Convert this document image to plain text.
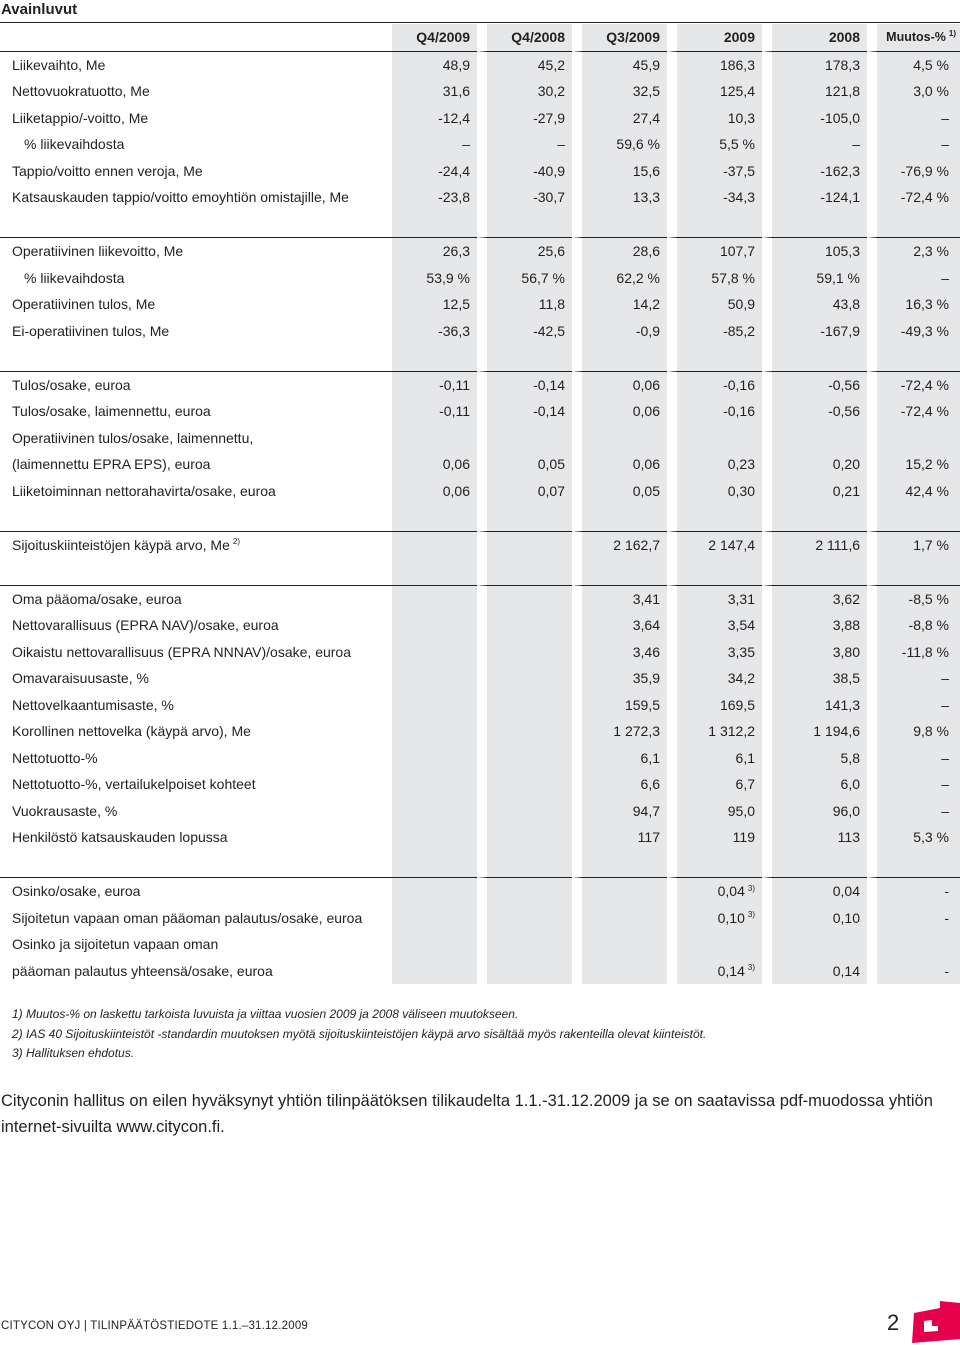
Avainluvut
	Q4/2009	Q4/2008	Q3/2009	2009	2008	Muutos-% $^{1)}$
Liikevaihto, Me	48,9	45,2	45,9	186,3	178,3	4,5 %
Nettovuokratuotto, Me	31,6	30,2	32,5	125,4	121,8	3,0 %
Liiketappio/-voitto, Me	-12,4	-27,9	27,4	10,3	-105,0	–
% liikevaihdosta	–	–	59,6 %	5,5 %	–	–
Tappio/voitto ennen veroja, Me	-24,4	-40,9	15,6	-37,5	-162,3	-76,9 %
Katsauskauden tappio/voitto emoyhtiön omistajille, Me	-23,8	-30,7	13,3	-34,3	-124,1	-72,4 %

Operatiivinen liikevoitto, Me	26,3	25,6	28,6	107,7	105,3	2,3 %
% liikevaihdosta	53,9 %	56,7 %	62,2 %	57,8 %	59,1 %	–
Operatiivinen tulos, Me	12,5	11,8	14,2	50,9	43,8	16,3 %
Ei-operatiivinen tulos, Me	-36,3	-42,5	-0,9	-85,2	-167,9	-49,3 %

Tulos/osake, euroa	-0,11	-0,14	0,06	-0,16	-0,56	-72,4 %
Tulos/osake, laimennettu, euroa	-0,11	-0,14	0,06	-0,16	-0,56	-72,4 %
Operatiivinen tulos/osake, laimennettu,						
(laimennettu EPRA EPS), euroa	0,06	0,05	0,06	0,23	0,20	15,2 %
Liiketoiminnan nettorahavirta/osake, euroa	0,06	0,07	0,05	0,30	0,21	42,4 %

Sijoituskiinteistöjen käypä arvo, Me $^{2)}$			2 162,7	2 147,4	2 111,6	1,7 %

Oma pääoma/osake, euroa			3,41	3,31	3,62	-8,5 %
Nettovarallisuus (EPRA NAV)/osake, euroa			3,64	3,54	3,88	-8,8 %
Oikaistu nettovarallisuus (EPRA NNNAV)/osake, euroa			3,46	3,35	3,80	-11,8 %
Omavaraisuusaste, %			35,9	34,2	38,5	–
Nettovelkaantumisaste, %			159,5	169,5	141,3	–
Korollinen nettovelka (käypä arvo), Me			1 272,3	1 312,2	1 194,6	9,8 %
Nettotuotto-%			6,1	6,1	5,8	–
Nettotuotto-%, vertailukelpoiset kohteet			6,6	6,7	6,0	–
Vuokrausaste, %			94,7	95,0	96,0	–
Henkilöstö katsauskauden lopussa			117	119	113	5,3 %

Osinko/osake, euroa				0,04 $^{3)}$	0,04	-
Sijoitetun vapaan oman pääoman palautus/osake, euroa				0,10 $^{3)}$	0,10	-
Osinko ja sijoitetun vapaan oman						
pääoman palautus yhteensä/osake, euroa				0,14 $^{3)}$	0,14	-
1) Muutos-% on laskettu tarkoista luvuista ja viittaa vuosien 2009 ja 2008 väliseen muutokseen.
2) IAS 40 Sijoituskiinteistöt -standardin muutoksen myötä sijoituskiinteistöjen käypä arvo sisältää myös rakenteilla olevat kiinteistöt.
3) Hallituksen ehdotus.
Cityconin hallitus on eilen hyväksynyt yhtiön tilinpäätöksen tilikaudelta 1.1.-31.12.2009 ja se on saatavissa pdf-muodossa yhtiön internet-sivuilta www.citycon.fi.
CITYCON OYJ | TILINPÄÄTÖSTIEDOTE 1.1.–31.12.2009	2
